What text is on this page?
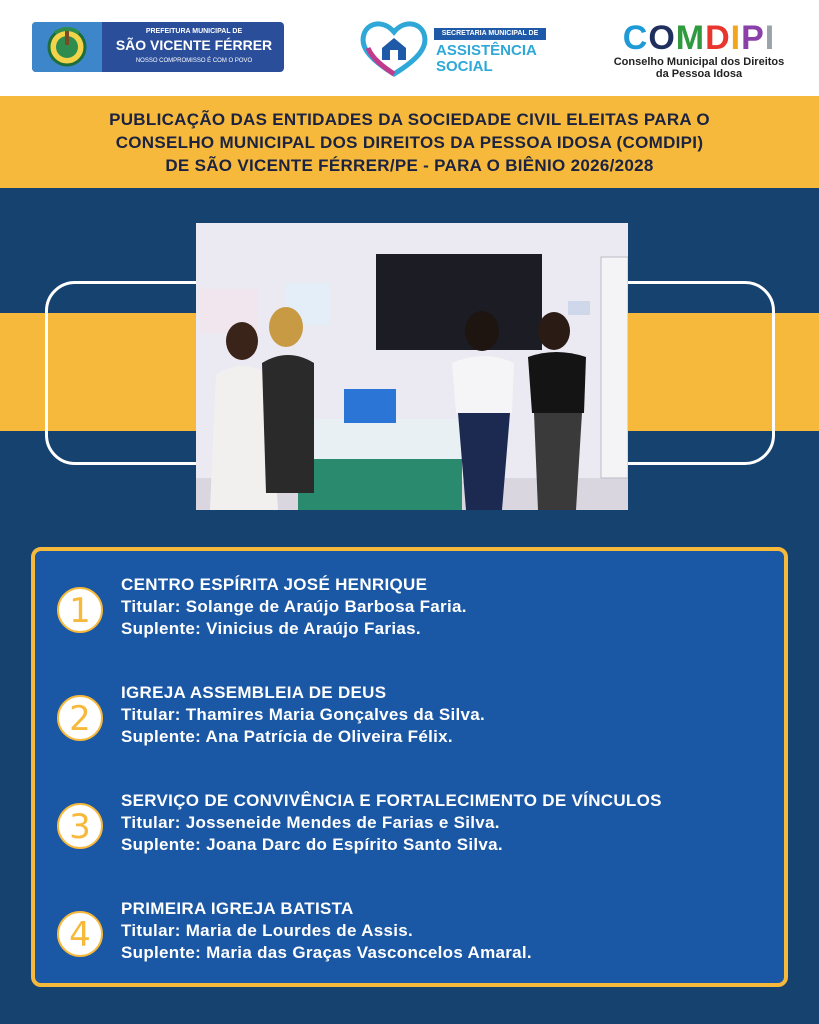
PREFEITURA MUNICIPAL DE
SÃO VICENTE FÉRRER
NOSSO COMPROMISSO É COM O POVO
SECRETARIA MUNICIPAL DE
ASSISTÊNCIA
SOCIAL
COMDIPI
Conselho Municipal dos Direitos
da Pessoa Idosa

PUBLICAÇÃO DAS ENTIDADES DA SOCIEDADE CIVIL ELEITAS PARA O
CONSELHO MUNICIPAL DOS DIREITOS DA PESSOA IDOSA (COMDIPI)
DE SÃO VICENTE FÉRRER/PE - PARA O BIÊNIO 2026/2028

1
CENTRO ESPÍRITA JOSÉ HENRIQUE
Titular: Solange de Araújo Barbosa Faria.
Suplente: Vinicius de Araújo Farias.
2
IGREJA ASSEMBLEIA DE DEUS
Titular: Thamires Maria Gonçalves da Silva.
Suplente: Ana Patrícia de Oliveira Félix.
3
SERVIÇO DE CONVIVÊNCIA E FORTALECIMENTO DE VÍNCULOS
Titular: Josseneide Mendes de Farias e Silva.
Suplente: Joana Darc do Espírito Santo Silva.
4
PRIMEIRA IGREJA BATISTA
Titular: Maria de Lourdes de Assis.
Suplente: Maria das Graças Vasconcelos Amaral.
